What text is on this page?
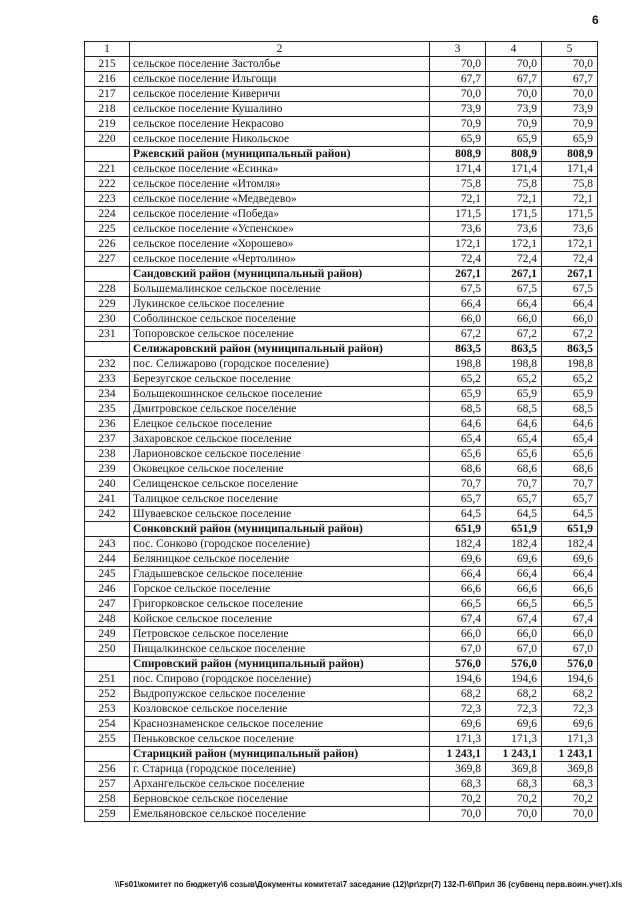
6
1	2	3	4	5
215	сельское поселение Застолбье	70,0	70,0	70,0
216	сельское поселение Ильгощи	67,7	67,7	67,7
217	сельское поселение Киверичи	70,0	70,0	70,0
218	сельское поселение Кушалино	73,9	73,9	73,9
219	сельское поселение Некрасово	70,9	70,9	70,9
220	сельское поселение Никольское	65,9	65,9	65,9
	Ржевский район (муниципальный район)	808,9	808,9	808,9
221	сельское поселение «Есинка»	171,4	171,4	171,4
222	сельское поселение «Итомля»	75,8	75,8	75,8
223	сельское поселение «Медведево»	72,1	72,1	72,1
224	сельское поселение «Победа»	171,5	171,5	171,5
225	сельское поселение «Успенское»	73,6	73,6	73,6
226	сельское поселение «Хорошево»	172,1	172,1	172,1
227	сельское поселение «Чертолино»	72,4	72,4	72,4
	Сандовский район (муниципальный район)	267,1	267,1	267,1
228	Большемалинское сельское поселение	67,5	67,5	67,5
229	Лукинское сельское поселение	66,4	66,4	66,4
230	Соболинское сельское поселение	66,0	66,0	66,0
231	Топоровское сельское поселение	67,2	67,2	67,2
	Селижаровский район (муниципальный район)	863,5	863,5	863,5
232	пос. Селижарово (городское поселение)	198,8	198,8	198,8
233	Березугское сельское поселение	65,2	65,2	65,2
234	Большекошинское сельское поселение	65,9	65,9	65,9
235	Дмитровское сельское поселение	68,5	68,5	68,5
236	Елецкое сельское поселение	64,6	64,6	64,6
237	Захаровское сельское поселение	65,4	65,4	65,4
238	Ларионовское сельское поселение	65,6	65,6	65,6
239	Оковецкое сельское поселение	68,6	68,6	68,6
240	Селищенское сельское поселение	70,7	70,7	70,7
241	Талицкое сельское поселение	65,7	65,7	65,7
242	Шуваевское сельское поселение	64,5	64,5	64,5
	Сонковский район (муниципальный район)	651,9	651,9	651,9
243	пос. Сонково (городское поселение)	182,4	182,4	182,4
244	Беляницкое сельское поселение	69,6	69,6	69,6
245	Гладышевское сельское поселение	66,4	66,4	66,4
246	Горское сельское поселение	66,6	66,6	66,6
247	Григорковское сельское поселение	66,5	66,5	66,5
248	Койское сельское поселение	67,4	67,4	67,4
249	Петровское сельское поселение	66,0	66,0	66,0
250	Пищалкинское сельское поселение	67,0	67,0	67,0
	Спировский район (муниципальный район)	576,0	576,0	576,0
251	пос. Спирово (городское поселение)	194,6	194,6	194,6
252	Выдропужское сельское поселение	68,2	68,2	68,2
253	Козловское сельское поселение	72,3	72,3	72,3
254	Краснознаменское сельское поселение	69,6	69,6	69,6
255	Пеньковское сельское поселение	171,3	171,3	171,3
	Старицкий район (муниципальный район)	1 243,1	1 243,1	1 243,1
256	г. Старица (городское поселение)	369,8	369,8	369,8
257	Архангельское сельское поселение	68,3	68,3	68,3
258	Берновское сельское поселение	70,2	70,2	70,2
259	Емельяновское сельское поселение	70,0	70,0	70,0
\\Fs01\комитет по бюджету\6 созыв\Документы комитета\7 заседание (12)\pr\zpr(7) 132-П-6\Прил 36 (субвенц перв.воин.учет).xls
